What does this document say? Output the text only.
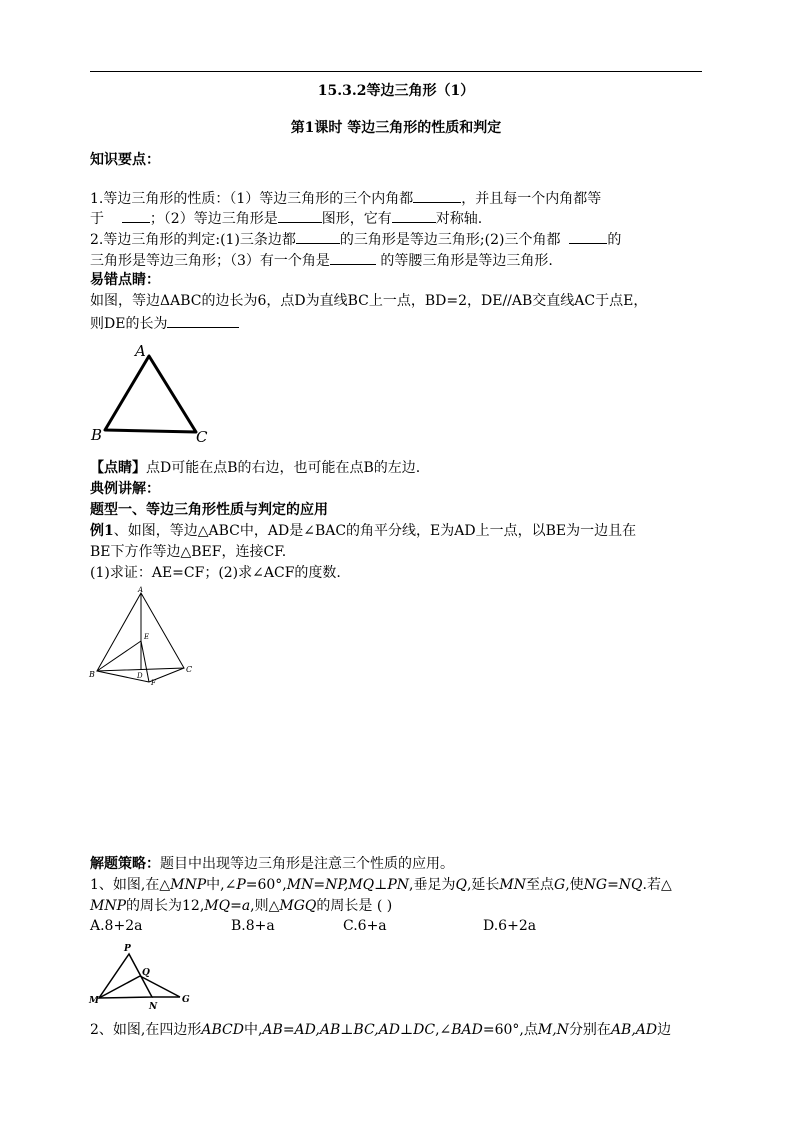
15.3.2等边三角形（1）
第1课时 等边三角形的性质和判定
知识要点：
1.等边三角形的性质：（1）等边三角形的三个内角都	，并且每一个内角都等
于	；（2）等边三角形是	图形，它有	对称轴.
2.等边三角形的判定:(1)三条边都	的三角形是等边三角形;(2)三个角都	的
三角形是等边三角形；（3）有一个角是	的等腰三角形是等边三角形.
易错点睛：
如图，等边ΔABC的边长为6，点D为直线BC上一点，BD=2，DE//AB交直线AC于点E，
则DE的长为
A
B	C
【点睛】点D可能在点B的右边，也可能在点B的左边.
典例讲解：
题型一、等边三角形性质与判定的应用
例1、如图，等边△ABC中，AD是∠BAC的角平分线，E为AD上一点，以BE为一边且在
BE下方作等边△BEF，连接CF.
(1)求证：AE=CF；(2)求∠ACF的度数.
A
B
C
E
F
D
解题策略：题目中出现等边三角形是注意三个性质的应用。
1、如图,在△MNP中,∠P=60°,MN=NP,MQ⊥PN,垂足为Q,延长MN至点G,使NG=NQ.若△
MNP的周长为12,MQ=a,则△MGQ的周长是 ( )
A.8+2a	B.8+a	C.6+a	D.6+2a
P
Q
M
N
G
2、如图,在四边形ABCD中,AB=AD,AB⊥BC,AD⊥DC,∠BAD=60°,点M,N分别在AB,AD边
